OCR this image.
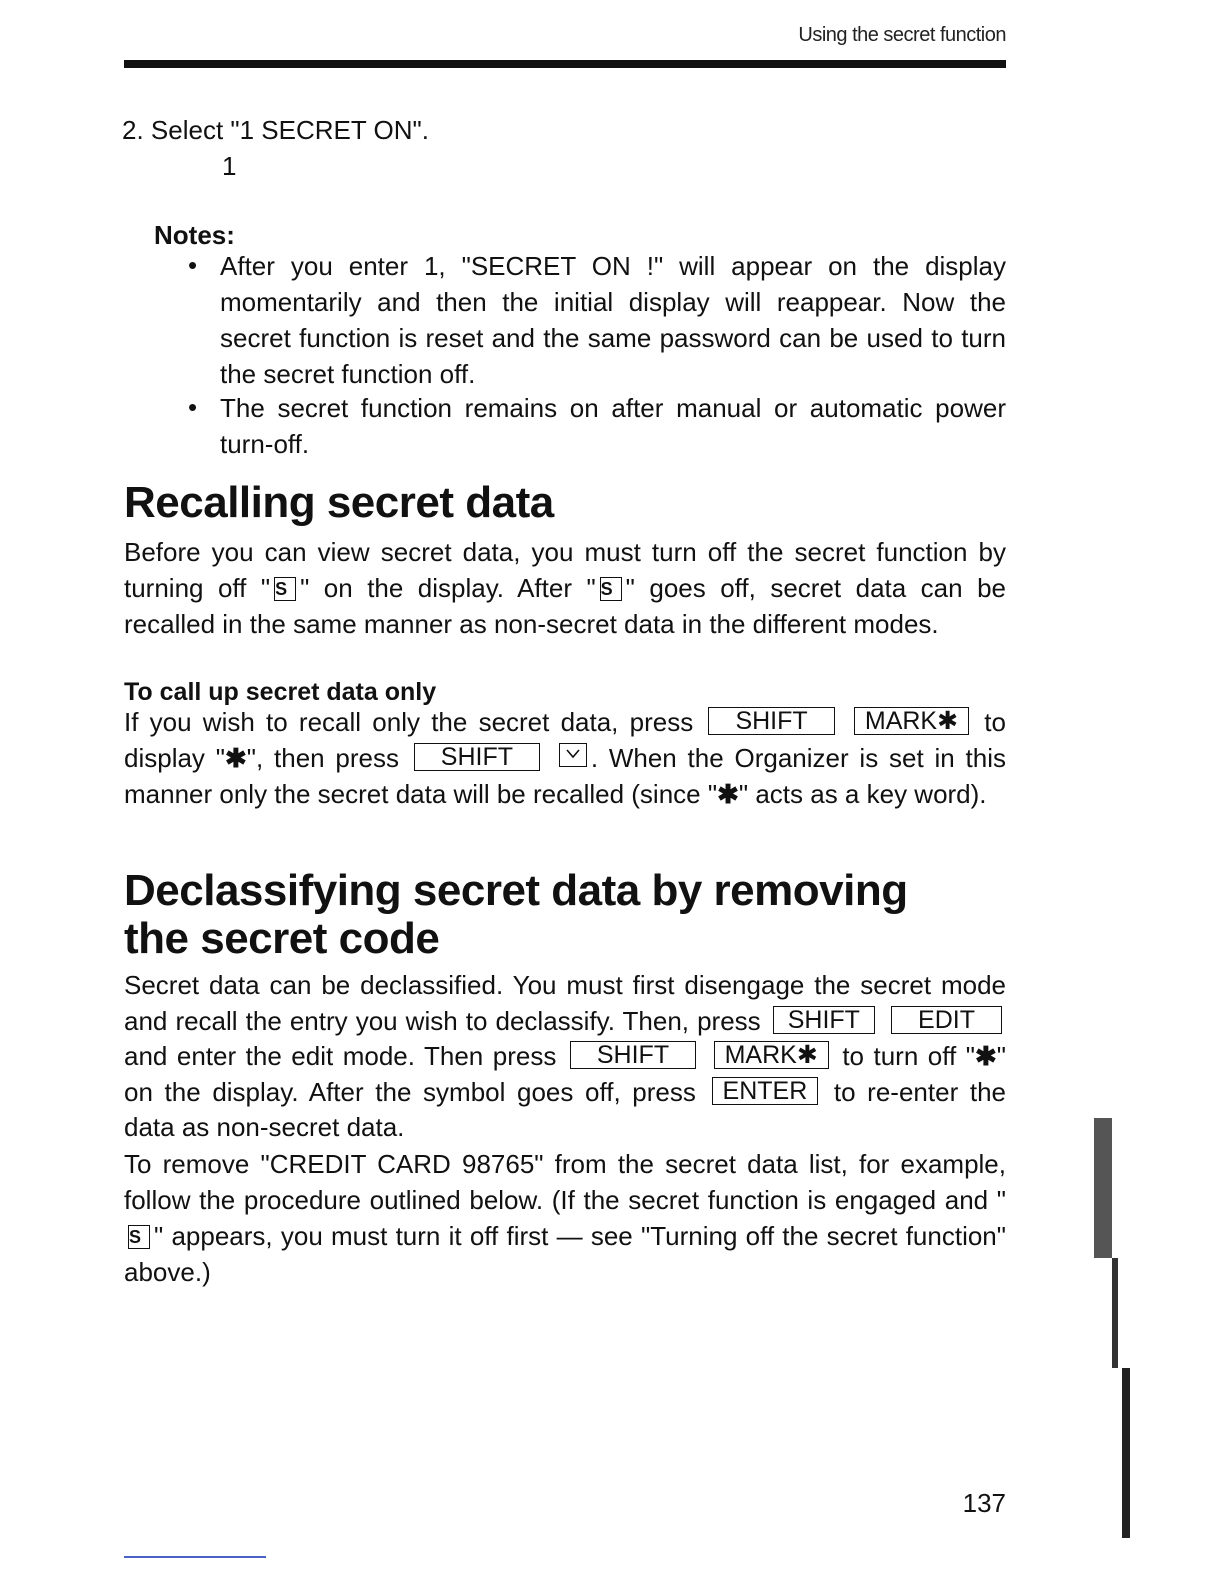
Using the secret function
2. Select "1 SECRET ON".
1
Notes:
• After you enter 1, "SECRET ON !" will appear on the display momentarily and then the initial display will reappear. Now the secret function is reset and the same password can be used to turn the secret function off.
• The secret function remains on after manual or automatic power turn-off.
Recalling secret data
Before you can view secret data, you must turn off the secret function by turning off " S " on the display. After " S " goes off, secret data can be recalled in the same manner as non-secret data in the different modes.
To call up secret data only
If you wish to recall only the secret data, press SHIFT MARK✱ to display "✱", then press SHIFT	. When the Organizer is set in this manner only the secret data will be recalled (since "✱" acts as a key word).
Declassifying secret data by removing
the secret code
Secret data can be declassified. You must first disengage the secret mode and recall the entry you wish to declassify. Then, press SHIFT EDIT and enter the edit mode. Then press SHIFT MARK✱ to turn off "✱" on the display. After the symbol goes off, press ENTER to re-enter the data as non-secret data.
To remove "CREDIT CARD 98765" from the secret data list, for example, follow the procedure outlined below. (If the secret function is engaged and "S " appears, you must turn it off first — see "Turning off the secret function" above.)
137
